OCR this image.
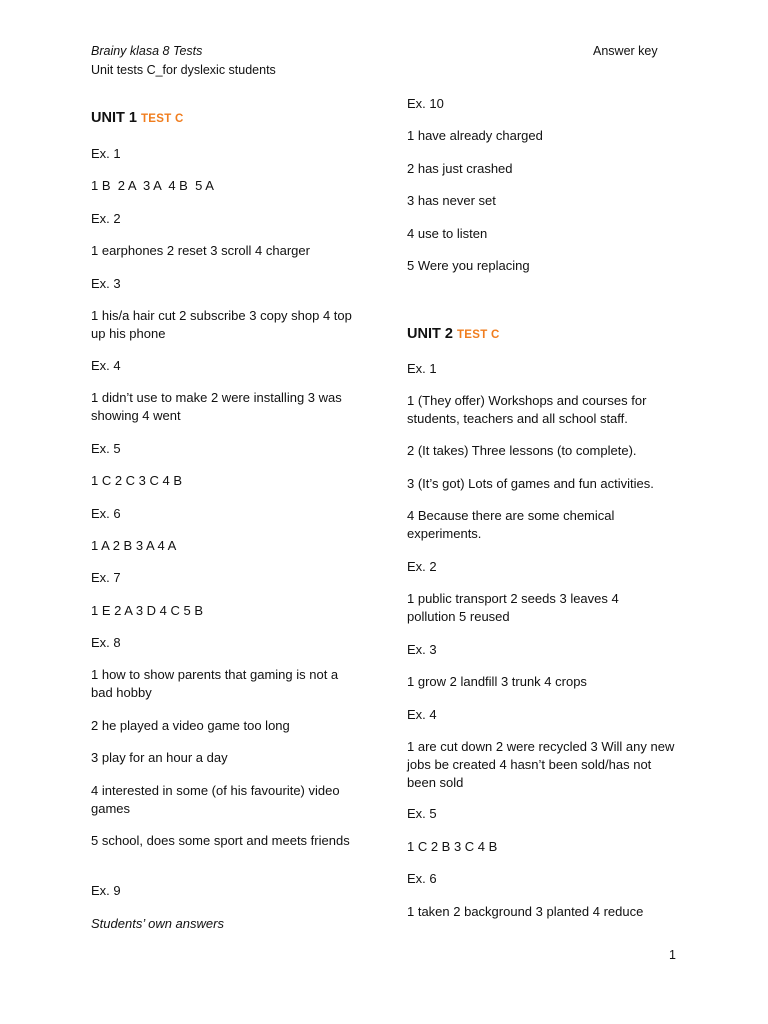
Brainy klasa 8 Tests
Unit tests C_for dyslexic students
Answer key
UNIT 1 TEST C

Ex. 1

1 B  2 A  3 A  4 B  5 A

Ex. 2

1 earphones 2 reset 3 scroll 4 charger

Ex. 3

1 his/a hair cut 2 subscribe 3 copy shop 4 top up his phone

Ex. 4

1 didn’t use to make 2 were installing 3 was showing 4 went

Ex. 5

1 C 2 C 3 C 4 B

Ex. 6

1 A 2 B 3 A 4 A

Ex. 7

1 E 2 A 3 D 4 C 5 B

Ex. 8

1 how to show parents that gaming is not a bad hobby

2 he played a video game too long

3 play for an hour a day

4 interested in some (of his favourite) video games

5 school, does some sport and meets friends

Ex. 9

Students’ own answers

Ex. 10

1 have already charged

2 has just crashed

3 has never set

4 use to listen

5 Were you replacing

UNIT 2 TEST C

Ex. 1

1 (They offer) Workshops and courses for students, teachers and all school staff.

2 (It takes) Three lessons (to complete).

3 (It’s got) Lots of games and fun activities.

4 Because there are some chemical experiments.

Ex. 2

1 public transport 2 seeds 3 leaves 4 pollution 5 reused

Ex. 3

1 grow 2 landfill 3 trunk 4 crops

Ex. 4

1 are cut down 2 were recycled 3 Will any new jobs be created 4 hasn’t been sold/has not been sold

Ex. 5

1 C 2 B 3 C 4 B

Ex. 6

1 taken 2 background 3 planted 4 reduce

1
